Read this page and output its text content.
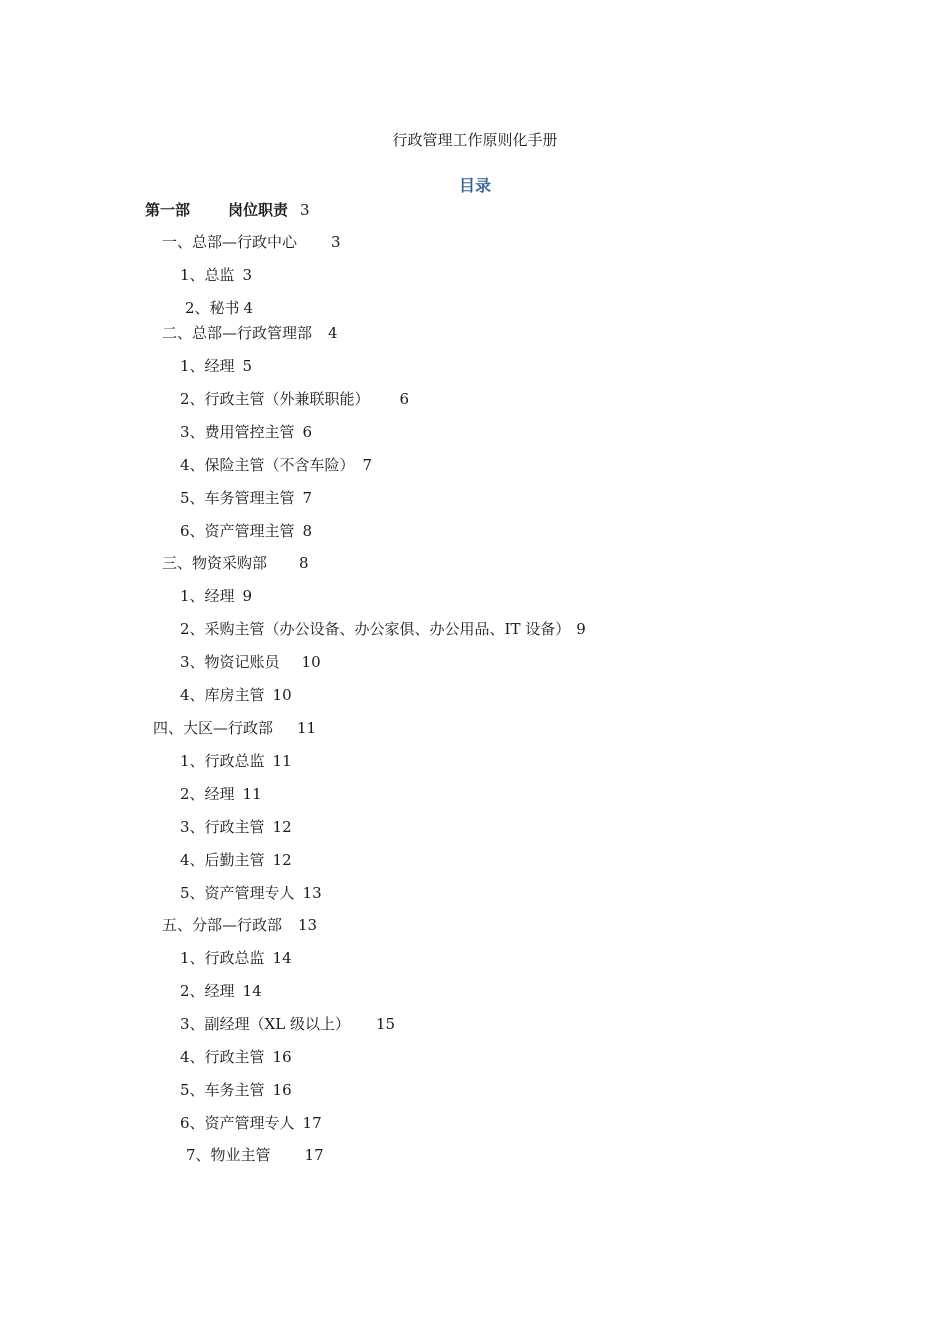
行政管理工作原则化手册
目录
第一部	岗位职责 3
一、总部—行政中心 3
1、总监 3
2、秘书 4
二、总部—行政管理部 4
1、经理 5
2、行政主管（外兼联职能） 6
3、费用管控主管 6
4、保险主管（不含车险） 7
5、车务管理主管 7
6、资产管理主管 8
三、物资采购部 8
1、经理 9
2、采购主管（办公设备、办公家俱、办公用品、IT 设备） 9
3、物资记账员 10
4、库房主管 10
四、大区—行政部 11
1、行政总监 11
2、经理 11
3、行政主管 12
4、后勤主管 12
5、资产管理专人 13
五、分部—行政部 13
1、行政总监 14
2、经理 14
3、副经理（XL 级以上） 15
4、行政主管 16
5、车务主管 16
6、资产管理专人 17
7、物业主管 17
